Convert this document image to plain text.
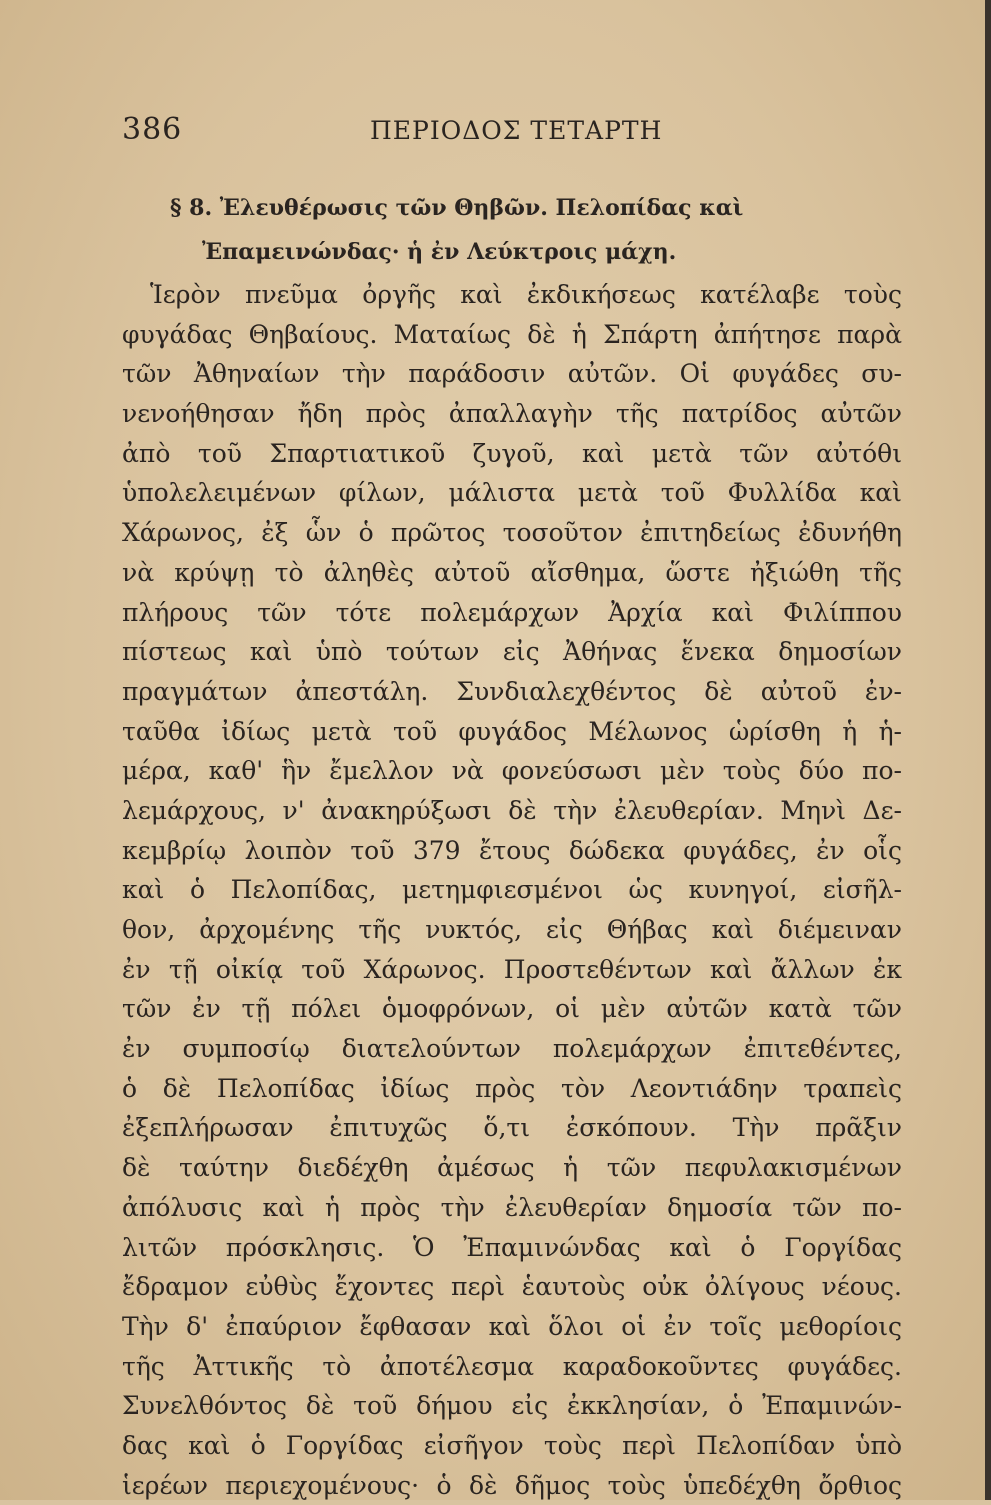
386	ΠΕΡΙΟΔΟΣ ΤΕΤΑΡΤΗ
§ 8. Ἐλευθέρωσις τῶν Θηβῶν. Πελοπίδας καὶ
Ἐπαμεινώνδας· ἡ ἐν Λεύκτροις μάχη.
Ἱερὸν πνεῦμα ὀργῆς καὶ ἐκδικήσεως κατέλαβε τοὺς
φυγάδας Θηβαίους. Ματαίως δὲ ἡ Σπάρτη ἀπήτησε παρὰ
τῶν Ἀθηναίων τὴν παράδοσιν αὐτῶν. Οἱ φυγάδες συ-
νενοήθησαν ἤδη πρὸς ἀπαλλαγὴν τῆς πατρίδος αὐτῶν
ἀπὸ τοῦ Σπαρτιατικοῦ ζυγοῦ, καὶ μετὰ τῶν αὐτόθι
ὑπολελειμένων φίλων, μάλιστα μετὰ τοῦ Φυλλίδα καὶ
Χάρωνος, ἐξ ὧν ὁ πρῶτος τοσοῦτον ἐπιτηδείως ἐδυνήθη
νὰ κρύψῃ τὸ ἀληθὲς αὐτοῦ αἴσθημα, ὥστε ἠξιώθη τῆς
πλήρους τῶν τότε πολεμάρχων Ἀρχία καὶ Φιλίππου
πίστεως καὶ ὑπὸ τούτων εἰς Ἀθήνας ἕνεκα δημοσίων
πραγμάτων ἀπεστάλη. Συνδιαλεχθέντος δὲ αὐτοῦ ἐν-
ταῦθα ἰδίως μετὰ τοῦ φυγάδος Μέλωνος ὡρίσθη ἡ ἡ-
μέρα, καθ' ἣν ἔμελλον νὰ φονεύσωσι μὲν τοὺς δύο πο-
λεμάρχους, ν' ἀνακηρύξωσι δὲ τὴν ἐλευθερίαν. Μηνὶ Δε-
κεμβρίῳ λοιπὸν τοῦ 379 ἔτους δώδεκα φυγάδες, ἐν οἷς
καὶ ὁ Πελοπίδας, μετημφιεσμένοι ὡς κυνηγοί, εἰσῆλ-
θον, ἀρχομένης τῆς νυκτός, εἰς Θήβας καὶ διέμειναν
ἐν τῇ οἰκίᾳ τοῦ Χάρωνος. Προστεθέντων καὶ ἄλλων ἐκ
τῶν ἐν τῇ πόλει ὁμοφρόνων, οἱ μὲν αὐτῶν κατὰ τῶν
ἐν συμποσίῳ διατελούντων πολεμάρχων ἐπιτεθέντες,
ὁ δὲ Πελοπίδας ἰδίως πρὸς τὸν Λεοντιάδην τραπεὶς
ἐξεπλήρωσαν ἐπιτυχῶς ὅ,τι ἐσκόπουν. Τὴν πρᾶξιν
δὲ ταύτην διεδέχθη ἀμέσως ἡ τῶν πεφυλακισμένων
ἀπόλυσις καὶ ἡ πρὸς τὴν ἐλευθερίαν δημοσία τῶν πο-
λιτῶν πρόσκλησις. Ὁ Ἐπαμινώνδας καὶ ὁ Γοργίδας
ἔδραμον εὐθὺς ἔχοντες περὶ ἑαυτοὺς οὐκ ὀλίγους νέους.
Τὴν δ' ἐπαύριον ἔφθασαν καὶ ὅλοι οἱ ἐν τοῖς μεθορίοις
τῆς Ἀττικῆς τὸ ἀποτέλεσμα καραδοκοῦντες φυγάδες.
Συνελθόντος δὲ τοῦ δήμου εἰς ἐκκλησίαν, ὁ Ἐπαμινών-
δας καὶ ὁ Γοργίδας εἰσῆγον τοὺς περὶ Πελοπίδαν ὑπὸ
ἱερέων περιεχομένους· ὁ δὲ δῆμος τοὺς ὑπεδέχθη ὄρθιος
